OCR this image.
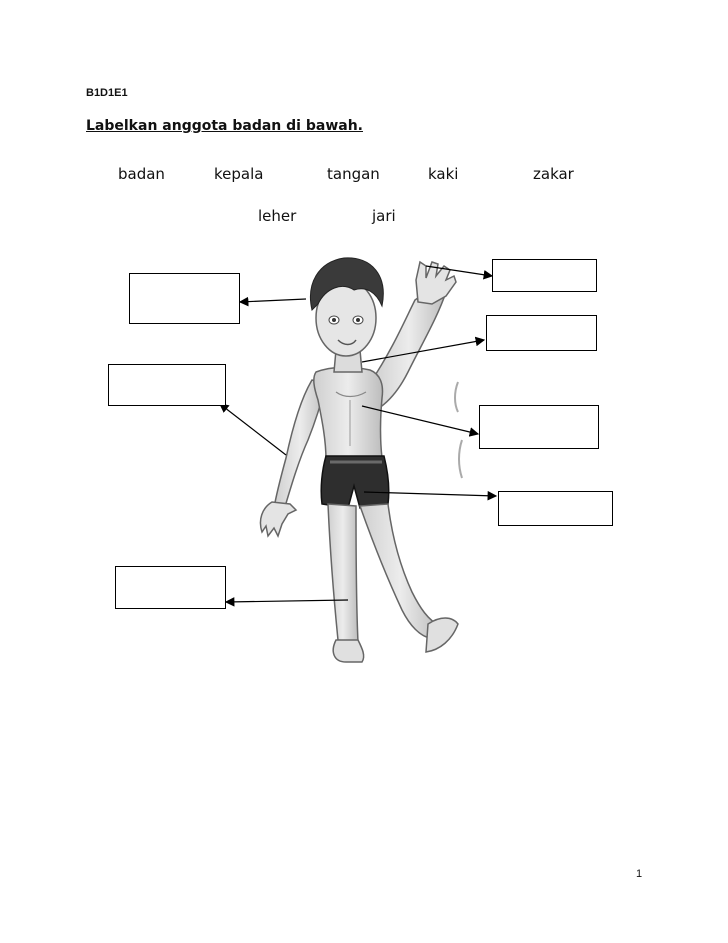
B1D1E1
Labelkan anggota badan di bawah.
badan	kepala	tangan	kaki	zakar
leher	jari
1
